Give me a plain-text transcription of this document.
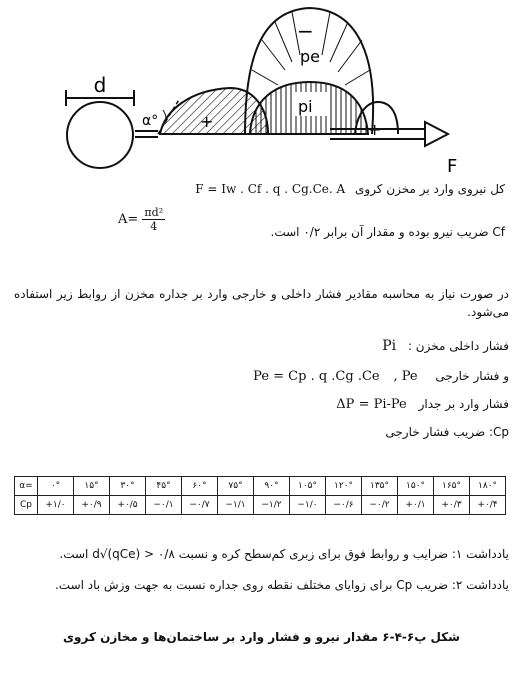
d
α°	+
−
pe
pi
+
F
F = Iw . Cf . q . Cg.Ce. A کل نیروی وارد بر مخزن کروی
$A= \frac{\text{πd²}}{4}$	Cf ضریب نیرو بوده و مقدار آن برابر ۰/۲ است.
در صورت نیاز به محاسبه مقادیر فشار داخلی و خارجی وارد بر جداره مخزن از روابط زیر استفاده می‌شود.
فشار داخلی مخزن : Pi
Pe = Cp . q .Cg .Ce , Pe و فشار خارجی
ΔP = Pi-Pe فشار وارد بر جدار
Cp: ضریب فشار خارجی
α=	۰°	۱۵°	۳۰°	۴۵°	۶۰°	۷۵°	۹۰°	۱۰۵°	۱۲۰°	۱۳۵°	۱۵۰°	۱۶۵°	۱۸۰°
Cp	+۱/۰	+۰/۹	+۰/۵	−۰/۱	−۰/۷	−۱/۱	−۱/۲	−۱/۰	−۰/۶	−۰/۲	+۰/۱	+۰/۳	+۰/۴
یادداشت ۱: ضرایب و روابط فوق برای زبری کم‌سطح کره و نسبت ۰/۸ < d√(qCe) است.
یادداشت ۲: ضریب Cp برای زوایای مختلف نقطه روی جداره نسبت به جهت وزش باد است.
شکل پ۶-۴-۶ مقدار نیرو و فشار وارد بر ساختمان‌ها و مخازن کروی
